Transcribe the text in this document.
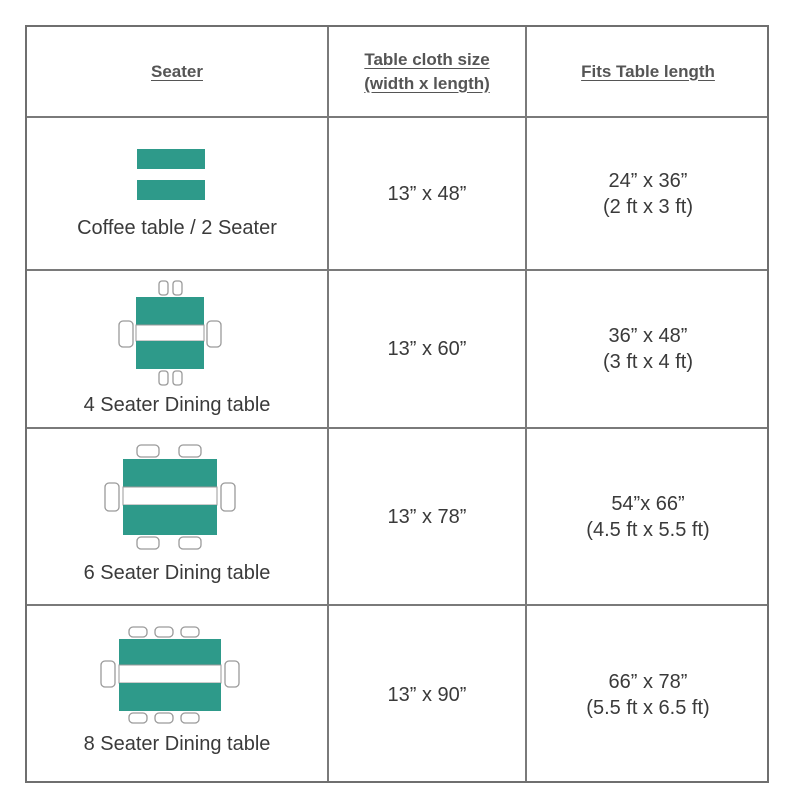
Seater
Table cloth size
(width x length)
Fits Table length
Coffee table / 2 Seater
13” x 48”
24” x 36”
(2 ft x 3 ft)
4 Seater Dining table
13” x 60”
36” x 48”
(3 ft x 4 ft)
6 Seater Dining table
13” x 78”
54”x 66”
(4.5 ft x 5.5 ft)
8 Seater Dining table
13” x 90”
66” x 78”
(5.5 ft x 6.5 ft)
